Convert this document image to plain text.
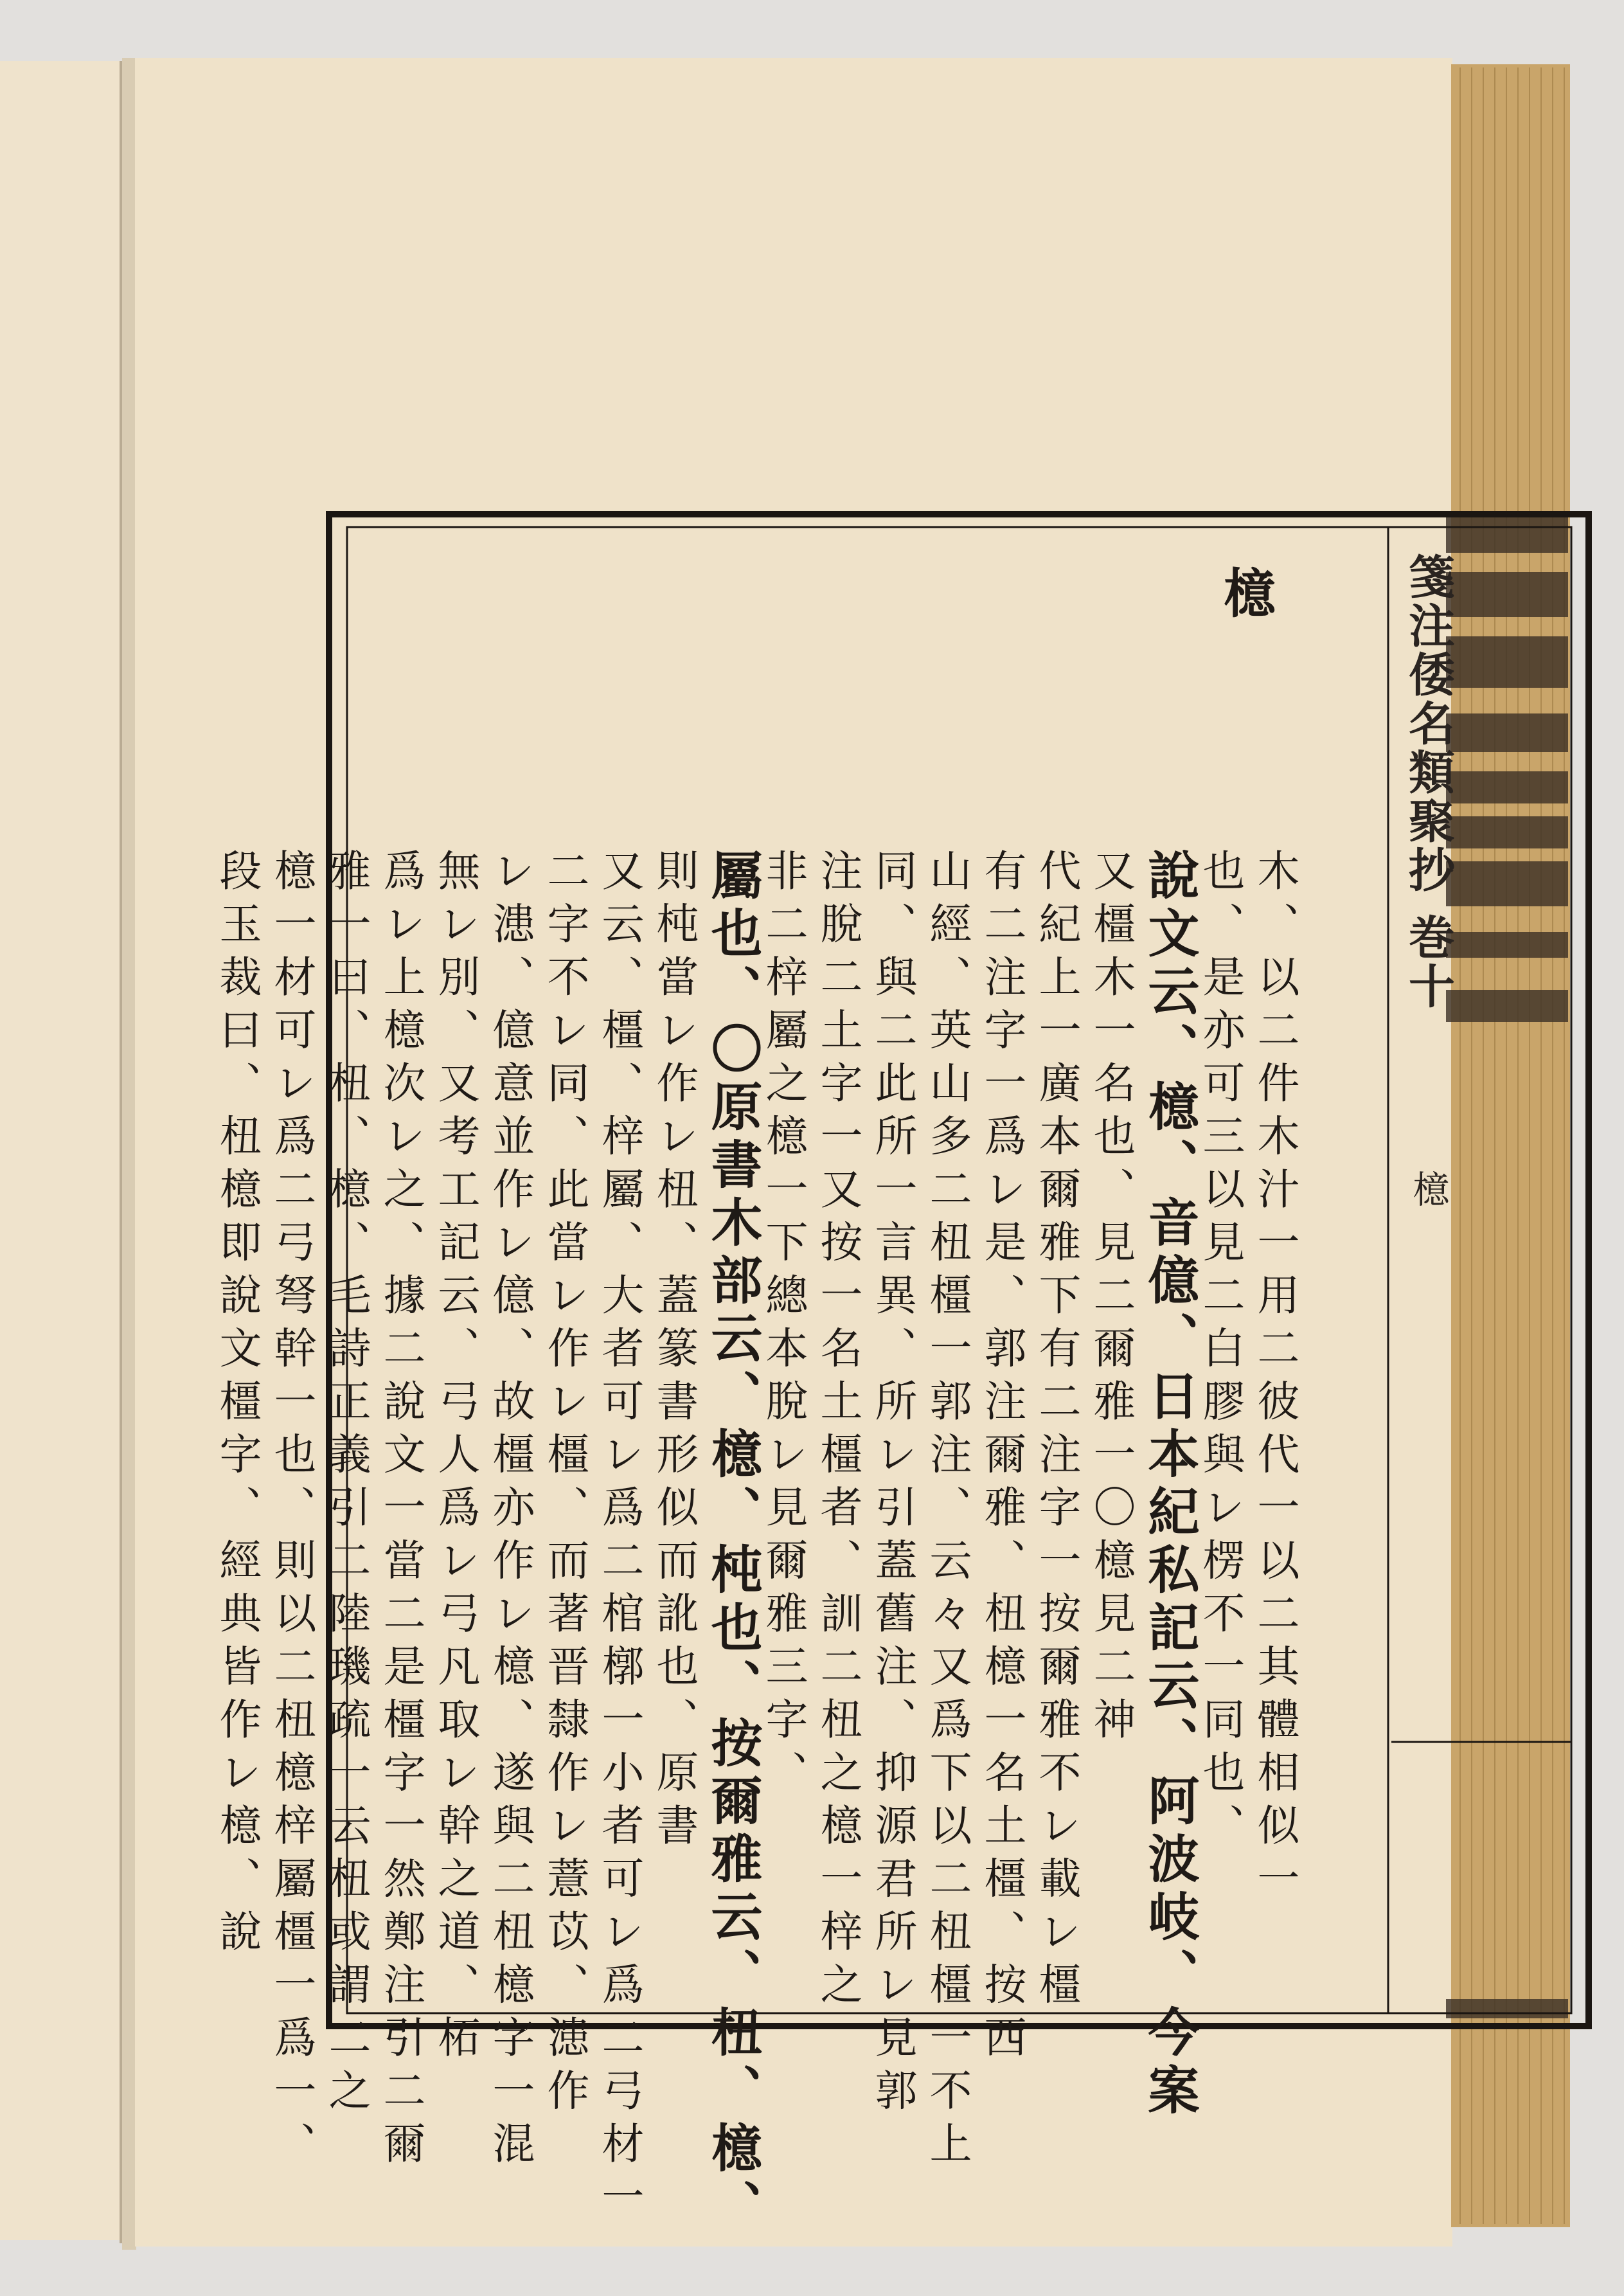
箋注倭名類聚抄 巻十
檍
檍
木、以二件木汁一用二彼代一以二其體相似一
也、是亦可三以見二白膠與レ楞不一同也、
說文云、檍、音億、日本紀私記云、阿波岐、今案
又橿木一名也、見二爾雅一〇檍見二神
代紀上一廣本爾雅下有二注字一按爾雅不レ載レ橿
有二注字一爲レ是、郭注爾雅、杻檍一名土橿、按西
山經、英山多二杻橿一郭注、云々又爲下以二杻橿一不上
同、與二此所一言異、所レ引蓋舊注、抑源君所レ見郭
注脫二土字一又按一名土橿者、訓二杻之檍一梓之
非二梓屬之檍一下總本脫レ見爾雅三字、
屬也、〇原書木部云、檍、杶也、按爾雅云、杻、檍、
則杶當レ作レ杻、蓋篆書形似而訛也、原書
又云、橿、梓屬、大者可レ爲二棺槨一小者可レ爲二弓材一
二字不レ同、此當レ作レ橿、而著晋隸作レ薏苡、漶作
レ漶、億意並作レ億、故橿亦作レ檍、遂與二杻檍字一混
無レ別、又考工記云、弓人爲レ弓凡取レ幹之道、柘
爲レ上檍次レ之、據二說文一當二是橿字一然鄭注引二爾
雅一曰、杻、檍、毛詩正義引二陸璣疏一云杻或謂二之
檍一材可レ爲二弓弩幹一也、則以二杻檍梓屬橿一爲一、
段玉裁曰、杻檍即說文橿字、經典皆作レ檍、說
